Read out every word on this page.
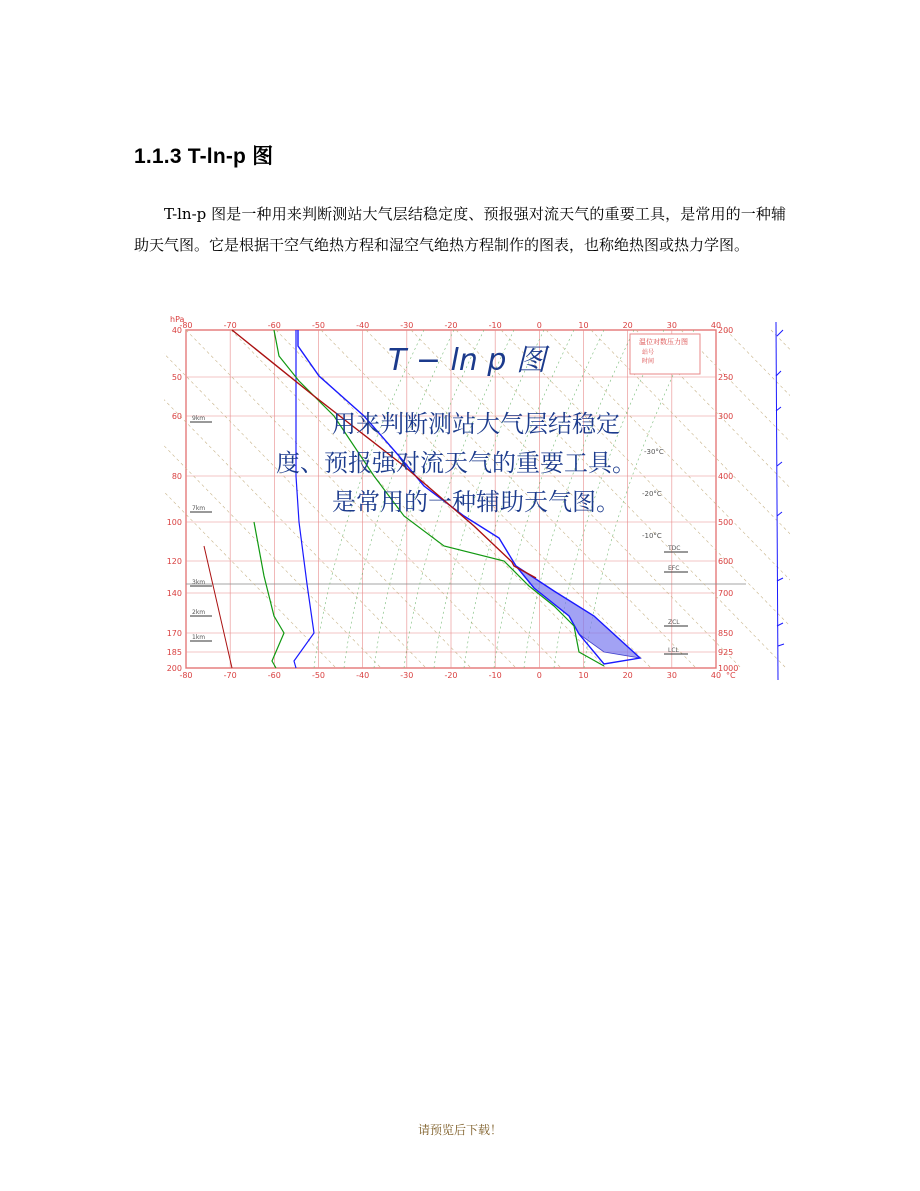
1.1.3 T-ln-p 图

T-ln-p 图是一种用来判断测站大气层结稳定度、预报强对流天气的重要工具，是常用的一种辅助天气图。它是根据干空气绝热方程和湿空气绝热方程制作的图表，也称绝热图或热力学图。

-80
-80
-70
-70
-60
-60
-50
-50
-40
-40
-30
-30
-20
-20
-10
-10
0
0
10
10
20
20
30
30
40
40 °C
40	200
50	250
60	300
80	400
100	500
120	600
140	700
170	850
185	925
200	1000
hPa
9km
7km
3km
2km
1km
TDC
EFC
LCL
ZCL
-30°C
-20°C
-10°C
温位对数压力图
站号
时间
T − ln p 图
用来判断测站大气层结稳定
度、预报强对流天气的重要工具。
是常用的一种辅助天气图。
请预览后下载！
